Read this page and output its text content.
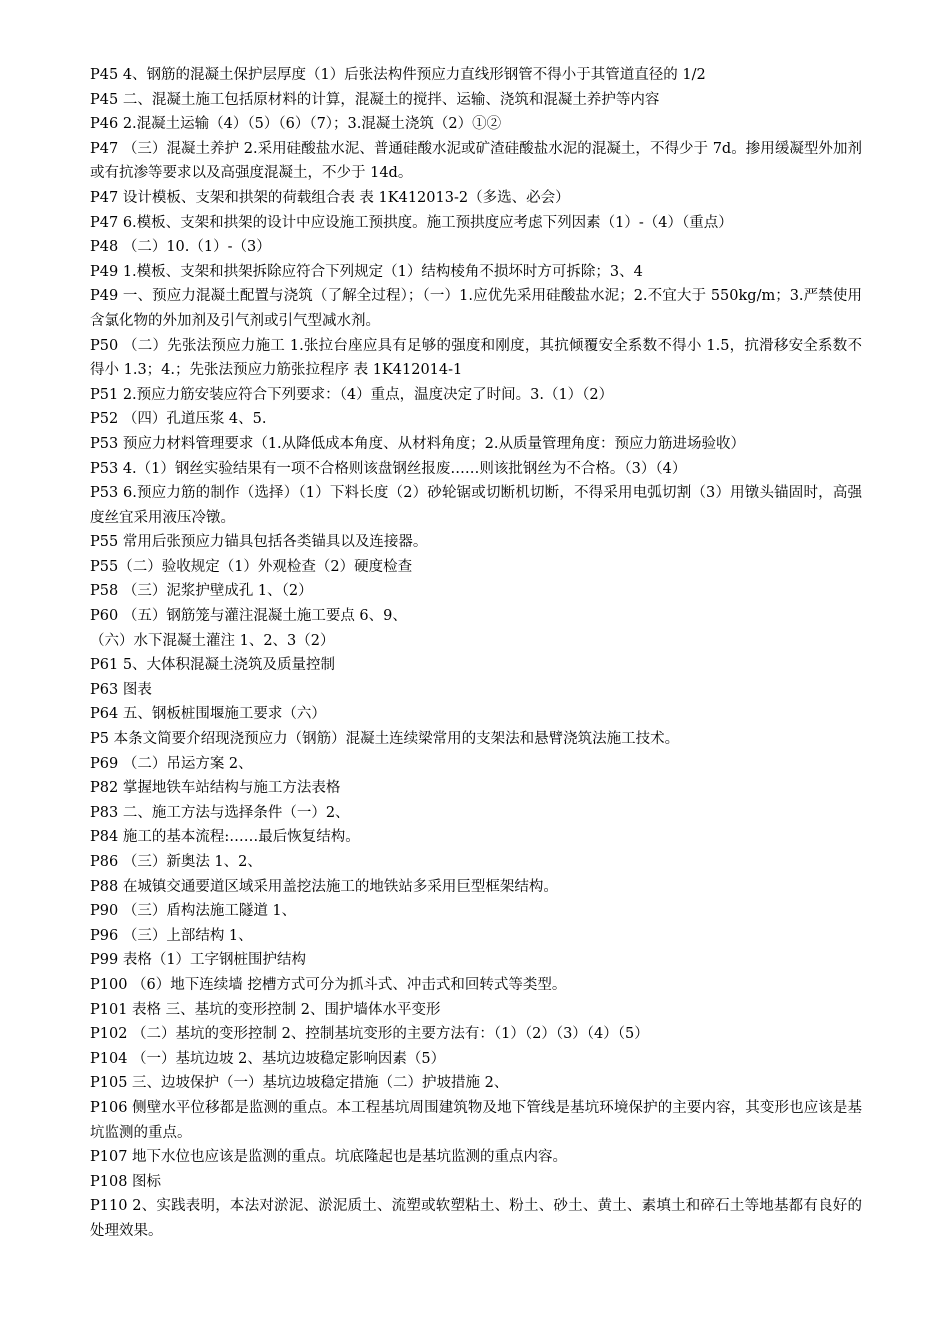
P45 4、钢筋的混凝土保护层厚度（1）后张法构件预应力直线形钢管不得小于其管道直径的 1/2
P45 二、混凝土施工包括原材料的计算，混凝土的搅拌、运输、浇筑和混凝土养护等内容
P46 2.混凝土运输（4）（5）（6）（7）；3.混凝土浇筑（2）①②
P47 （三）混凝土养护 2.采用硅酸盐水泥、普通硅酸水泥或矿渣硅酸盐水泥的混凝土，不得少于 7d。掺用缓凝型外加剂或有抗渗等要求以及高强度混凝土，不少于 14d。
P47 设计模板、支架和拱架的荷载组合表 表 1K412013-2（多选、必会）
P47 6.模板、支架和拱架的设计中应设施工预拱度。施工预拱度应考虑下列因素（1）-（4）（重点）
P48 （二）10.（1）-（3）
P49 1.模板、支架和拱架拆除应符合下列规定（1）结构棱角不损坏时方可拆除；3、4
P49 一、预应力混凝土配置与浇筑（了解全过程）；（一）1.应优先采用硅酸盐水泥；2.不宜大于 550kg/m；3.严禁使用含氯化物的外加剂及引气剂或引气型减水剂。
P50 （二）先张法预应力施工 1.张拉台座应具有足够的强度和刚度，其抗倾覆安全系数不得小 1.5，抗滑移安全系数不得小 1.3；4.；先张法预应力筋张拉程序 表 1K412014-1
P51 2.预应力筋安装应符合下列要求：（4）重点，温度决定了时间。3.（1）（2）
P52 （四）孔道压浆 4、5.
P53 预应力材料管理要求（1.从降低成本角度、从材料角度；2.从质量管理角度：预应力筋进场验收）
P53 4.（1）钢丝实验结果有一项不合格则该盘钢丝报废……则该批钢丝为不合格。（3）（4）
P53 6.预应力筋的制作（选择）（1）下料长度（2）砂轮锯或切断机切断，不得采用电弧切割（3）用镦头锚固时，高强度丝宜采用液压冷镦。
P55 常用后张预应力锚具包括各类锚具以及连接器。
P55（二）验收规定（1）外观检查（2）硬度检查
P58 （三）泥浆护壁成孔 1、（2）
P60 （五）钢筋笼与灌注混凝土施工要点 6、9、
（六）水下混凝土灌注 1、2、3（2）
P61 5、大体积混凝土浇筑及质量控制
P63 图表
P64 五、钢板桩围堰施工要求（六）
P5 本条文简要介绍现浇预应力（钢筋）混凝土连续梁常用的支架法和悬臂浇筑法施工技术。
P69 （二）吊运方案 2、
P82 掌握地铁车站结构与施工方法表格
P83 二、施工方法与选择条件（一）2、
P84 施工的基本流程:……最后恢复结构。
P86 （三）新奥法 1、2、
P88 在城镇交通要道区域采用盖挖法施工的地铁站多采用巨型框架结构。
P90 （三）盾构法施工隧道 1、
P96 （三）上部结构 1、
P99 表格（1）工字钢桩围护结构
P100 （6）地下连续墙 挖槽方式可分为抓斗式、冲击式和回转式等类型。
P101 表格 三、基坑的变形控制 2、围护墙体水平变形
P102 （二）基坑的变形控制 2、控制基坑变形的主要方法有：（1）（2）（3）（4）（5）
P104 （一）基坑边坡 2、基坑边坡稳定影响因素（5）
P105 三、边坡保护（一）基坑边坡稳定措施（二）护坡措施 2、
P106 侧壁水平位移都是监测的重点。本工程基坑周围建筑物及地下管线是基坑环境保护的主要内容，其变形也应该是基坑监测的重点。
P107 地下水位也应该是监测的重点。坑底隆起也是基坑监测的重点内容。
P108 图标
P110 2、实践表明，本法对淤泥、淤泥质土、流塑或软塑粘土、粉土、砂土、黄土、素填土和碎石土等地基都有良好的处理效果。
